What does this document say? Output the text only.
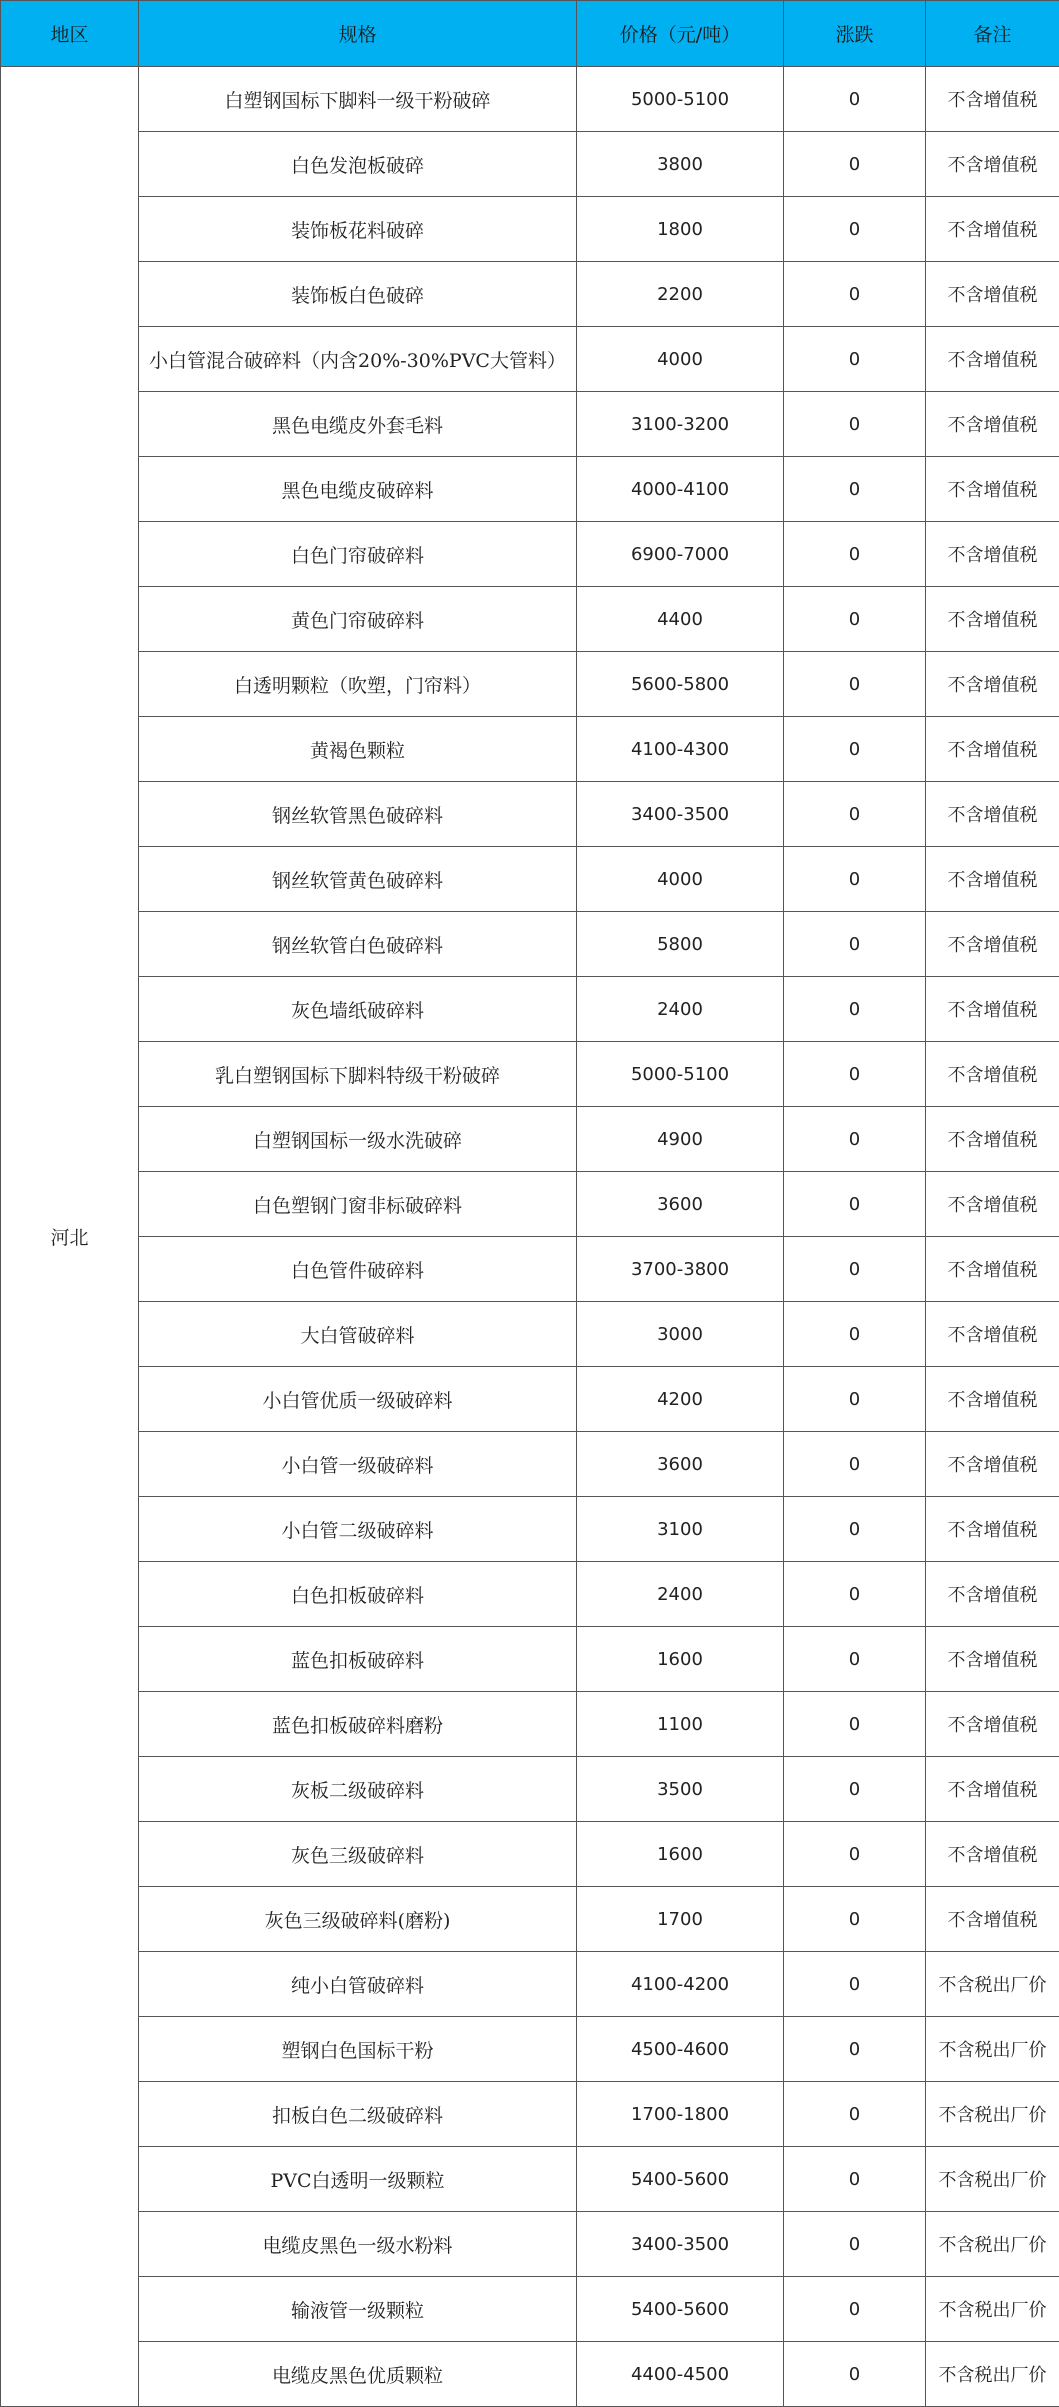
地区	规格	价格（元/吨）	涨跌	备注
河北	白塑钢国标下脚料一级干粉破碎	5000-5100	0	不含增值税
	白色发泡板破碎	3800	0	不含增值税
	装饰板花料破碎	1800	0	不含增值税
	装饰板白色破碎	2200	0	不含增值税
	小白管混合破碎料（内含20%-30%PVC大管料）	4000	0	不含增值税
	黑色电缆皮外套毛料	3100-3200	0	不含增值税
	黑色电缆皮破碎料	4000-4100	0	不含增值税
	白色门帘破碎料	6900-7000	0	不含增值税
	黄色门帘破碎料	4400	0	不含增值税
	白透明颗粒（吹塑，门帘料）	5600-5800	0	不含增值税
	黄褐色颗粒	4100-4300	0	不含增值税
	钢丝软管黑色破碎料	3400-3500	0	不含增值税
	钢丝软管黄色破碎料	4000	0	不含增值税
	钢丝软管白色破碎料	5800	0	不含增值税
	灰色墙纸破碎料	2400	0	不含增值税
	乳白塑钢国标下脚料特级干粉破碎	5000-5100	0	不含增值税
	白塑钢国标一级水洗破碎	4900	0	不含增值税
	白色塑钢门窗非标破碎料	3600	0	不含增值税
	白色管件破碎料	3700-3800	0	不含增值税
	大白管破碎料	3000	0	不含增值税
	小白管优质一级破碎料	4200	0	不含增值税
	小白管一级破碎料	3600	0	不含增值税
	小白管二级破碎料	3100	0	不含增值税
	白色扣板破碎料	2400	0	不含增值税
	蓝色扣板破碎料	1600	0	不含增值税
	蓝色扣板破碎料磨粉	1100	0	不含增值税
	灰板二级破碎料	3500	0	不含增值税
	灰色三级破碎料	1600	0	不含增值税
	灰色三级破碎料(磨粉)	1700	0	不含增值税
	纯小白管破碎料	4100-4200	0	不含税出厂价
	塑钢白色国标干粉	4500-4600	0	不含税出厂价
	扣板白色二级破碎料	1700-1800	0	不含税出厂价
	PVC白透明一级颗粒	5400-5600	0	不含税出厂价
	电缆皮黑色一级水粉料	3400-3500	0	不含税出厂价
	输液管一级颗粒	5400-5600	0	不含税出厂价
	电缆皮黑色优质颗粒	4400-4500	0	不含税出厂价
